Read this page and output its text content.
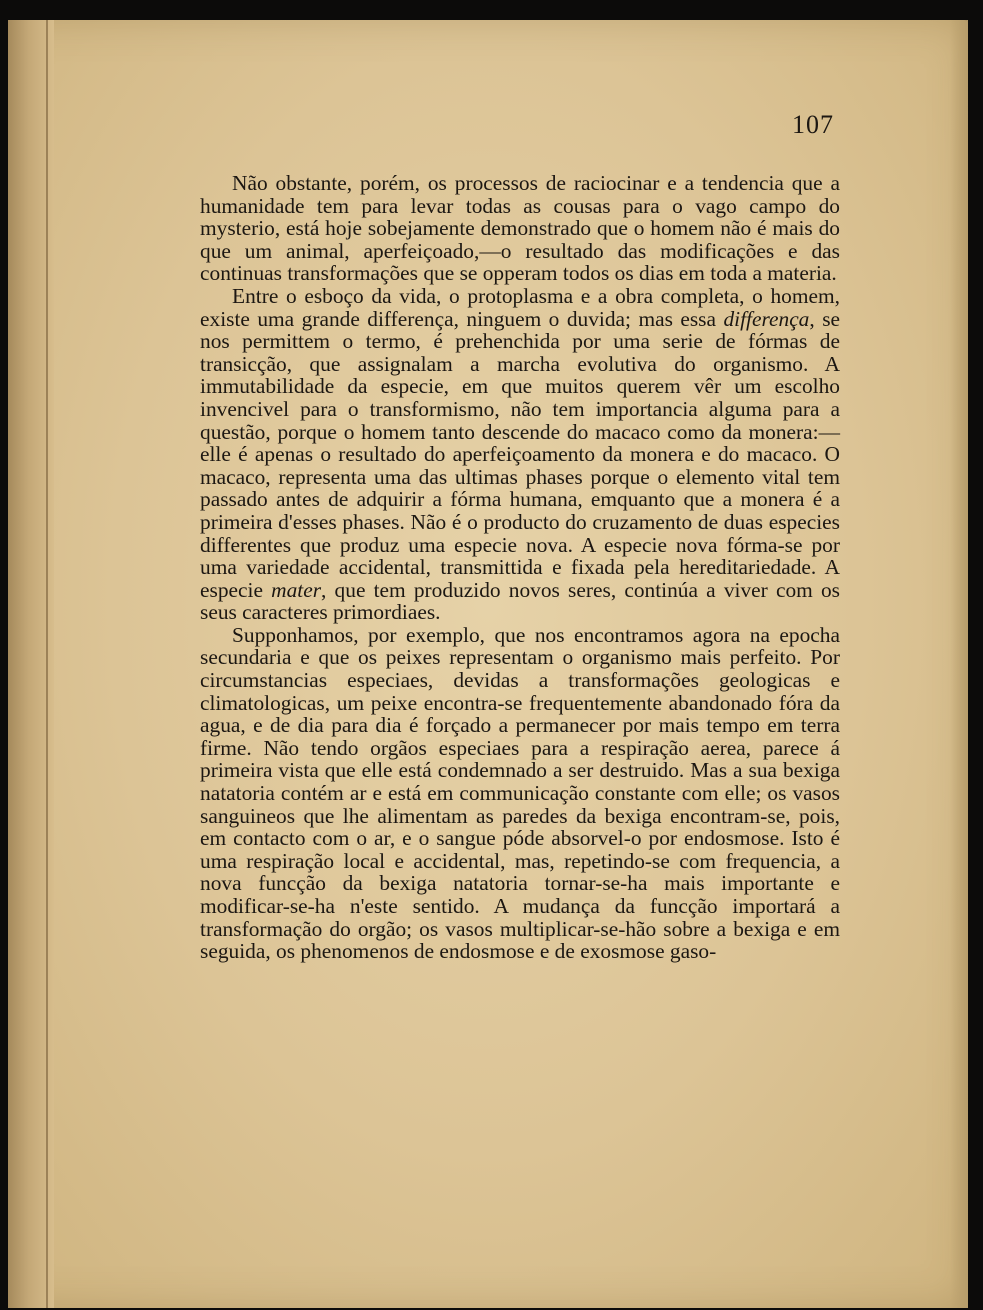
107

Não obstante, porém, os processos de raciocinar e a tendencia que a humanidade tem para levar todas as cousas para o vago campo do mysterio, está hoje sobejamente demonstrado que o homem não é mais do que um animal, aperfeiçoado,—o resultado das modificações e das continuas transformações que se opperam todos os dias em toda a materia.

Entre o esboço da vida, o protoplasma e a obra completa, o homem, existe uma grande differença, ninguem o duvida; mas essa differença, se nos permittem o termo, é prehenchida por uma serie de fórmas de transicção, que assignalam a marcha evolutiva do organismo. A immutabilidade da especie, em que muitos querem vêr um escolho invencivel para o transformismo, não tem importancia alguma para a questão, porque o homem tanto descende do macaco como da monera:—elle é apenas o resultado do aperfeiçoamento da monera e do macaco. O macaco, representa uma das ultimas phases porque o elemento vital tem passado antes de adquirir a fórma humana, emquanto que a monera é a primeira d'esses phases. Não é o producto do cruzamento de duas especies differentes que produz uma especie nova. A especie nova fórma-se por uma variedade accidental, transmittida e fixada pela hereditariedade. A especie mater, que tem produzido novos seres, continúa a viver com os seus caracteres primordiaes.

Supponhamos, por exemplo, que nos encontramos agora na epocha secundaria e que os peixes representam o organismo mais perfeito. Por circumstancias especiaes, devidas a transformações geologicas e climatologicas, um peixe encontra-se frequentemente abandonado fóra da agua, e de dia para dia é forçado a permanecer por mais tempo em terra firme. Não tendo orgãos especiaes para a respiração aerea, parece á primeira vista que elle está condemnado a ser destruido. Mas a sua bexiga natatoria contém ar e está em communicação constante com elle; os vasos sanguineos que lhe alimentam as paredes da bexiga encontram-se, pois, em contacto com o ar, e o sangue póde absorvel-o por endosmose. Isto é uma respiração local e accidental, mas, repetindo-se com frequencia, a nova funcção da bexiga natatoria tornar-se-ha mais importante e modificar-se-ha n'este sentido. A mudança da funcção importará a transformação do orgão; os vasos multiplicar-se-hão sobre a bexiga e em seguida, os phenomenos de endosmose e de exosmose gaso-
